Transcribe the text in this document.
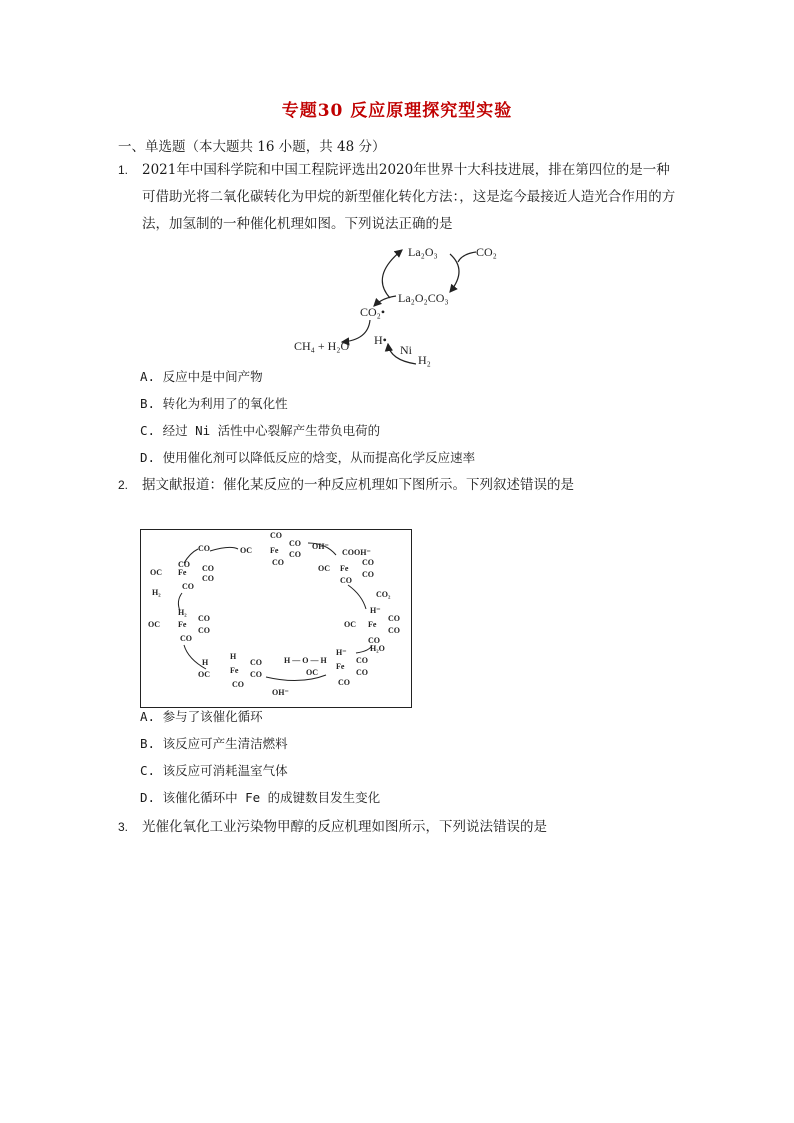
专题30 反应原理探究型实验
一、单选题（本大题共 16 小题，共 48 分）
1. 2021年中国科学院和中国工程院评选出2020年世界十大科技进展，排在第四位的是一种可借助光将二氧化碳转化为甲烷的新型催化转化方法：，这是迄今最接近人造光合作用的方法，加氢制的一种催化机理如图。下列说法正确的是
La₂O₃	CO₂
La₂O₂CO₃
CO₂•
CH₄ + H₂O H•
Ni
H₂
A. 反应中是中间产物
B. 转化为利用了的氧化性
C. 经过 Ni 活性中心裂解产生带负电荷的
D. 使用催化剂可以降低反应的焓变，从而提高化学反应速率
2. 据文献报道：催化某反应的一种反应机理如下图所示。下列叙述错误的是
CO
Fe
CO
CO
CO
OC
CO	OH⁻
COOH⁻
Fe
CO
CO
CO
OC
CO₂
H⁻
Fe
CO
CO
CO
OC
CO
Fe CO
CO
CO
OC
H₂
H₂
Fe
CO
CO
CO
OC
H
H
Fe
CO
CO
CO
OC
OH⁻
H — O — H
H⁻
Fe
CO
CO
CO
OC
H₂O
A. 参与了该催化循环
B. 该反应可产生清洁燃料
C. 该反应可消耗温室气体
D. 该催化循环中 Fe 的成键数目发生变化
3. 光催化氧化工业污染物甲醇的反应机理如图所示，下列说法错误的是
